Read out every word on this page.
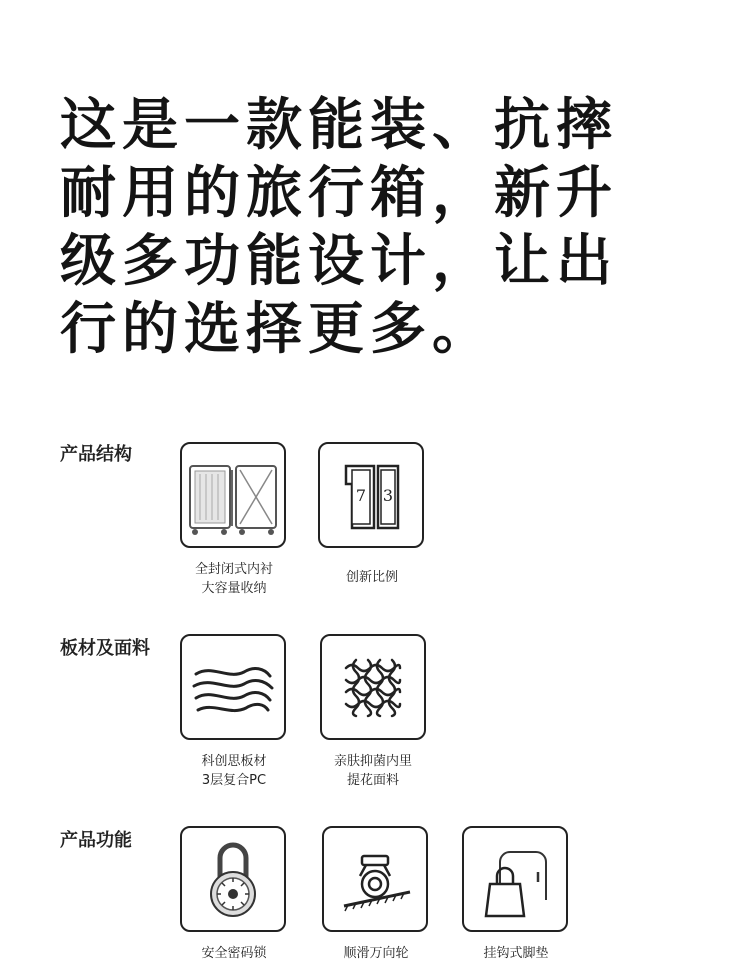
这是一款能装、抗摔
耐用的旅行箱，新升
级多功能设计，让出
行的选择更多。
产品结构
全封闭式内衬
大容量收纳
7 3
创新比例
板材及面料
科创思板材
3层复合PC
亲肤抑菌内里
提花面料
产品功能
安全密码锁	顺滑万向轮	挂钩式脚垫
